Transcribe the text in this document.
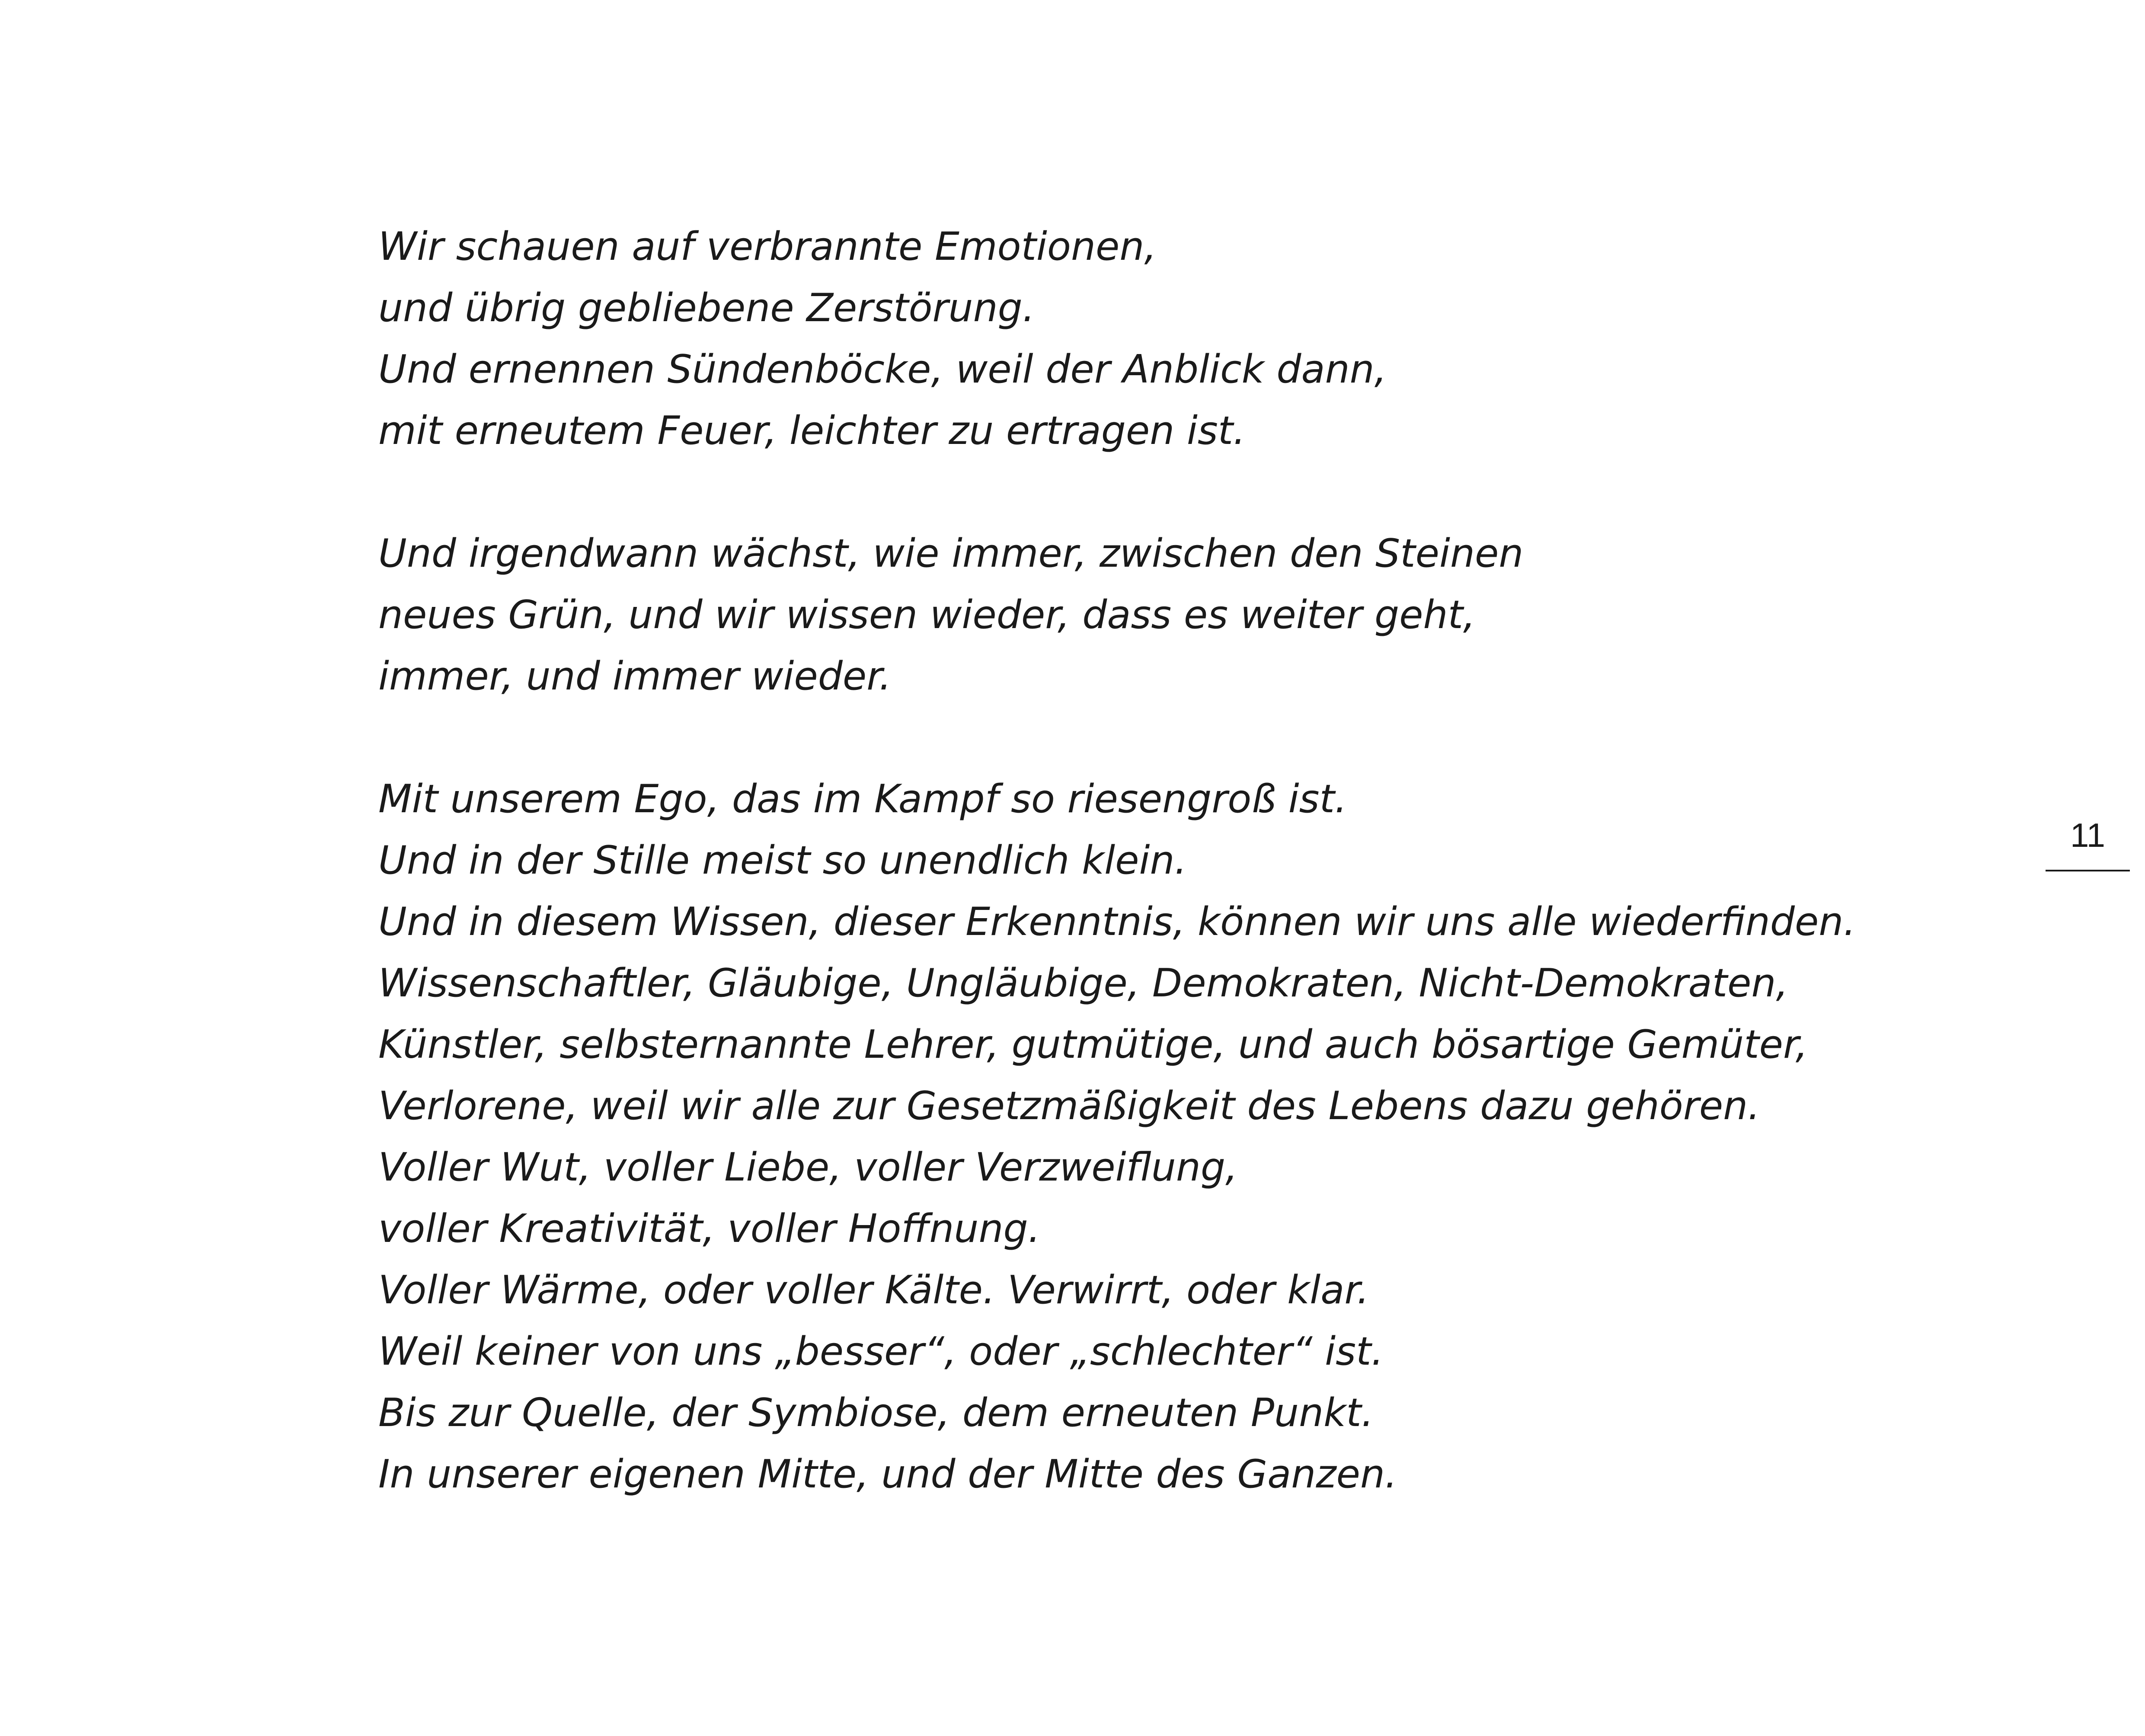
Wir schauen auf verbrannte Emotionen,
und übrig gebliebene Zerstörung.
Und ernennen Sündenböcke, weil der Anblick dann,
mit erneutem Feuer, leichter zu ertragen ist.
Und irgendwann wächst, wie immer, zwischen den Steinen
neues Grün, und wir wissen wieder, dass es weiter geht,
immer, und immer wieder.
Mit unserem Ego, das im Kampf so riesengroß ist.
Und in der Stille meist so unendlich klein.
Und in diesem Wissen, dieser Erkenntnis, können wir uns alle wiederfinden.
Wissenschaftler, Gläubige, Ungläubige, Demokraten, Nicht-Demokraten,
Künstler, selbsternannte Lehrer, gutmütige, und auch bösartige Gemüter,
Verlorene, weil wir alle zur Gesetzmäßigkeit des Lebens dazu gehören.
Voller Wut, voller Liebe, voller Verzweiflung,
voller Kreativität, voller Hoffnung.
Voller Wärme, oder voller Kälte. Verwirrt, oder klar.
Weil keiner von uns „besser“, oder „schlechter“ ist.
Bis zur Quelle, der Symbiose, dem erneuten Punkt.
In unserer eigenen Mitte, und der Mitte des Ganzen.
11
